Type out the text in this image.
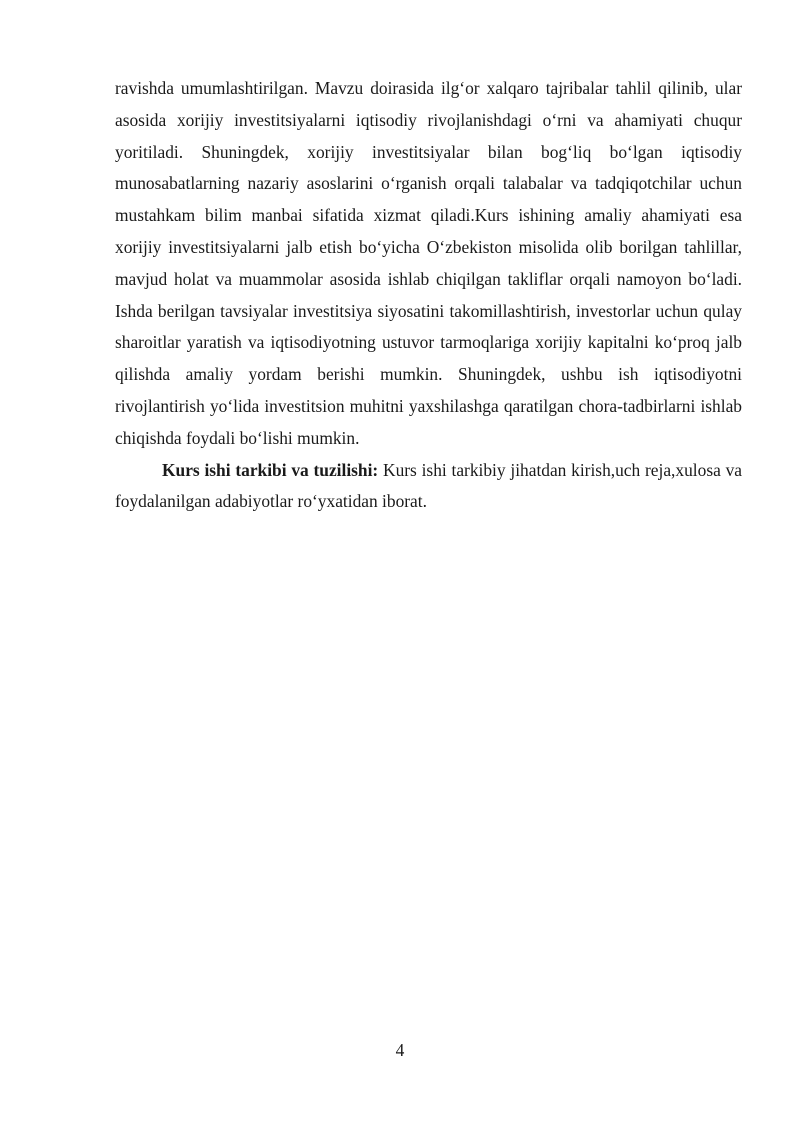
ravishda umumlashtirilgan. Mavzu doirasida ilg‘or xalqaro tajribalar tahlil qilinib, ular asosida xorijiy investitsiyalarni iqtisodiy rivojlanishdagi o‘rni va ahamiyati chuqur yoritiladi. Shuningdek, xorijiy investitsiyalar bilan bog‘liq bo‘lgan iqtisodiy munosabatlarning nazariy asoslarini o‘rganish orqali talabalar va tadqiqotchilar uchun mustahkam bilim manbai sifatida xizmat qiladi.Kurs ishining amaliy ahamiyati esa xorijiy investitsiyalarni jalb etish bo‘yicha O‘zbekiston misolida olib borilgan tahlillar, mavjud holat va muammolar asosida ishlab chiqilgan takliflar orqali namoyon bo‘ladi. Ishda berilgan tavsiyalar investitsiya siyosatini takomillashtirish, investorlar uchun qulay sharoitlar yaratish va iqtisodiyotning ustuvor tarmoqlariga xorijiy kapitalni ko‘proq jalb qilishda amaliy yordam berishi mumkin. Shuningdek, ushbu ish iqtisodiyotni rivojlantirish yo‘lida investitsion muhitni yaxshilashga qaratilgan chora-tadbirlarni ishlab chiqishda foydali bo‘lishi mumkin.

Kurs ishi tarkibi va tuzilishi: Kurs ishi tarkibiy jihatdan kirish,uch reja,xulosa va foydalanilgan adabiyotlar ro‘yxatidan iborat.

4
